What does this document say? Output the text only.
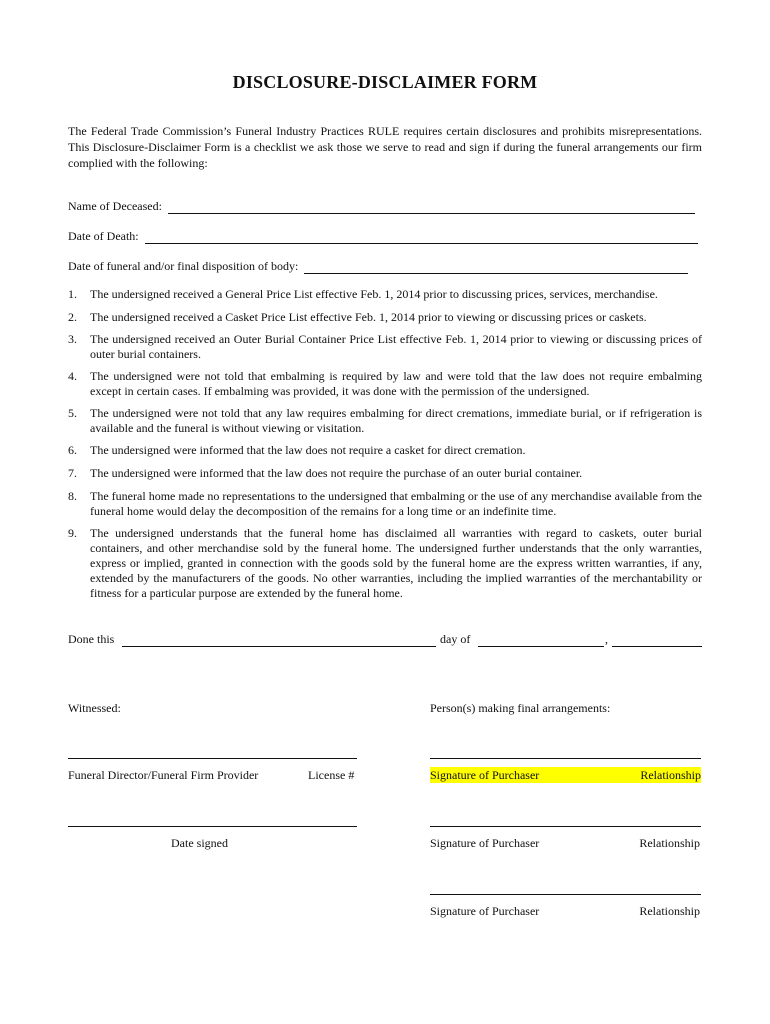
DISCLOSURE-DISCLAIMER FORM
The Federal Trade Commission’s Funeral Industry Practices RULE requires certain disclosures and prohibits misrepresentations. This Disclosure-Disclaimer Form is a checklist we ask those we serve to read and sign if during the funeral arrangements our firm complied with the following:
Name of Deceased:
Date of Death:
Date of funeral and/or final disposition of body:
1.	The undersigned received a General Price List effective Feb. 1, 2014 prior to discussing prices, services, merchandise.
2.	The undersigned received a Casket Price List effective Feb. 1, 2014 prior to viewing or discussing prices or caskets.
3.	The undersigned received an Outer Burial Container Price List effective Feb. 1, 2014 prior to viewing or discussing prices of outer burial containers.
4.	The undersigned were not told that embalming is required by law and were told that the law does not require embalming except in certain cases. If embalming was provided, it was done with the permission of the undersigned.
5.	The undersigned were not told that any law requires embalming for direct cremations, immediate burial, or if refrigeration is available and the funeral is without viewing or visitation.
6.	The undersigned were informed that the law does not require a casket for direct cremation.
7.	The undersigned were informed that the law does not require the purchase of an outer burial container.
8.	The funeral home made no representations to the undersigned that embalming or the use of any merchandise available from the funeral home would delay the decomposition of the remains for a long time or an indefinite time.
9.	The undersigned understands that the funeral home has disclaimed all warranties with regard to caskets, outer burial containers, and other merchandise sold by the funeral home. The undersigned further understands that the only warranties, express or implied, granted in connection with the goods sold by the funeral home are the express written warranties, if any, extended by the manufacturers of the goods. No other warranties, including the implied warranties of the merchantability or fitness for a particular purpose are extended by the funeral home.
Done this	day of	,
Witnessed:	Person(s) making final arrangements:
Funeral Director/Funeral Firm Provider	License #	Signature of Purchaser	Relationship
Date signed	Signature of Purchaser	Relationship
Signature of Purchaser	Relationship
